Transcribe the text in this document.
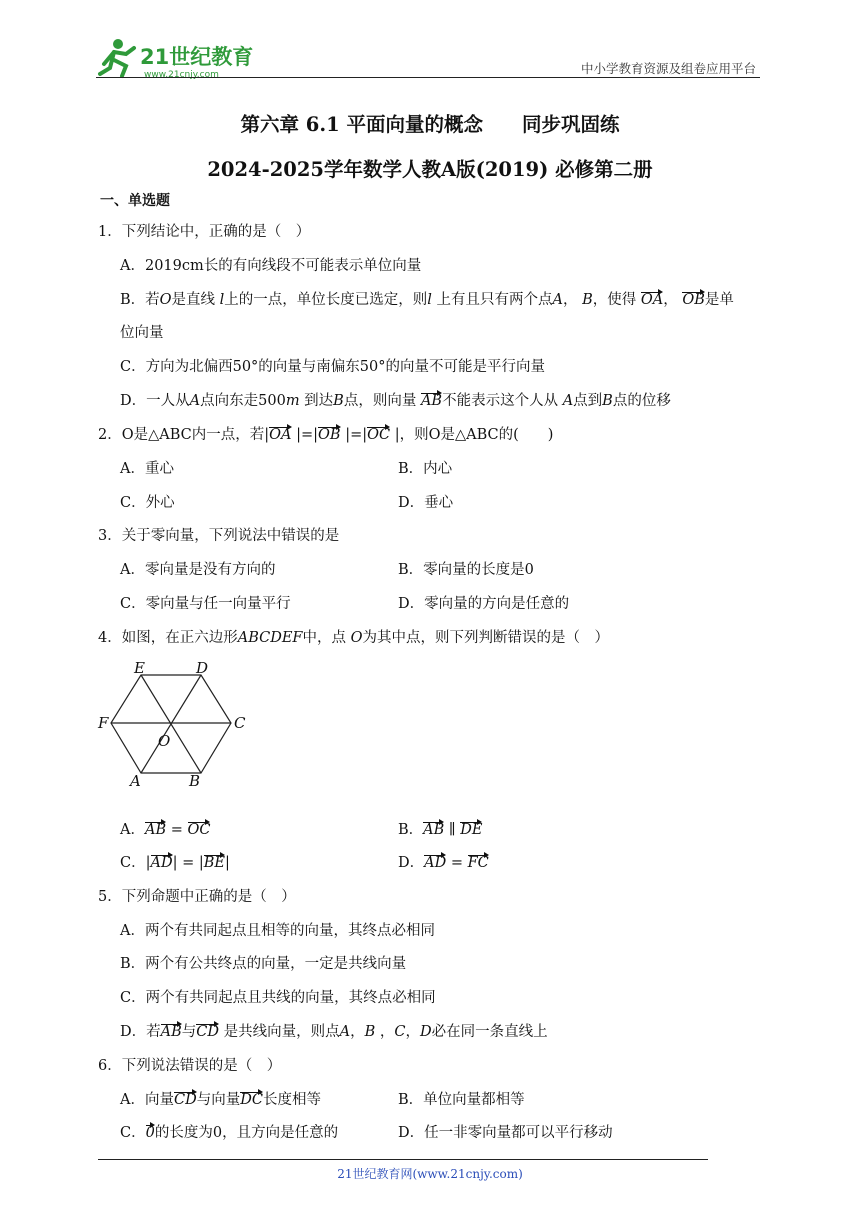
21世纪教育
www.21cnjy.com	中小学教育资源及组卷应用平台
第六章 6.1 平面向量的概念　　同步巩固练
2024-2025学年数学人教A版(2019) 必修第二册
一、单选题
1．下列结论中，正确的是（　）
A．2019cm长的有向线段不可能表示单位向量
B．若O是直线 l上的一点，单位长度已选定，则l 上有且只有两个点A， B，使得 OA， OB是单
位向量
C．方向为北偏西50°的向量与南偏东50°的向量不可能是平行向量
D．一人从A点向东走500m 到达B点，则向量 AB不能表示这个人从 A点到B点的位移
2．O是△ABC内一点，若|OA |=|OB |=|OC |，则O是△ABC的(　　)
A．重心	B．内心
C．外心	D．垂心
3．关于零向量，下列说法中错误的是
A．零向量是没有方向的	B．零向量的长度是0
C．零向量与任一向量平行	D．零向量的方向是任意的
4．如图，在正六边形ABCDEF中，点 O为其中点，则下列判断错误的是（　）
E	D
F	C
O
A	B
A．AB = OC	B．AB ∥ DE
C．|AD| = |BE|	D．AD = FC
5．下列命题中正确的是（　）
A．两个有共同起点且相等的向量，其终点必相同
B．两个有公共终点的向量，一定是共线向量
C．两个有共同起点且共线的向量，其终点必相同
D．若AB与CD 是共线向量，则点A，B ，C，D必在同一条直线上
6．下列说法错误的是（　）
A．向量CD与向量DC长度相等	B．单位向量都相等
C．0的长度为0，且方向是任意的	D．任一非零向量都可以平行移动
21世纪教育网(www.21cnjy.com)
